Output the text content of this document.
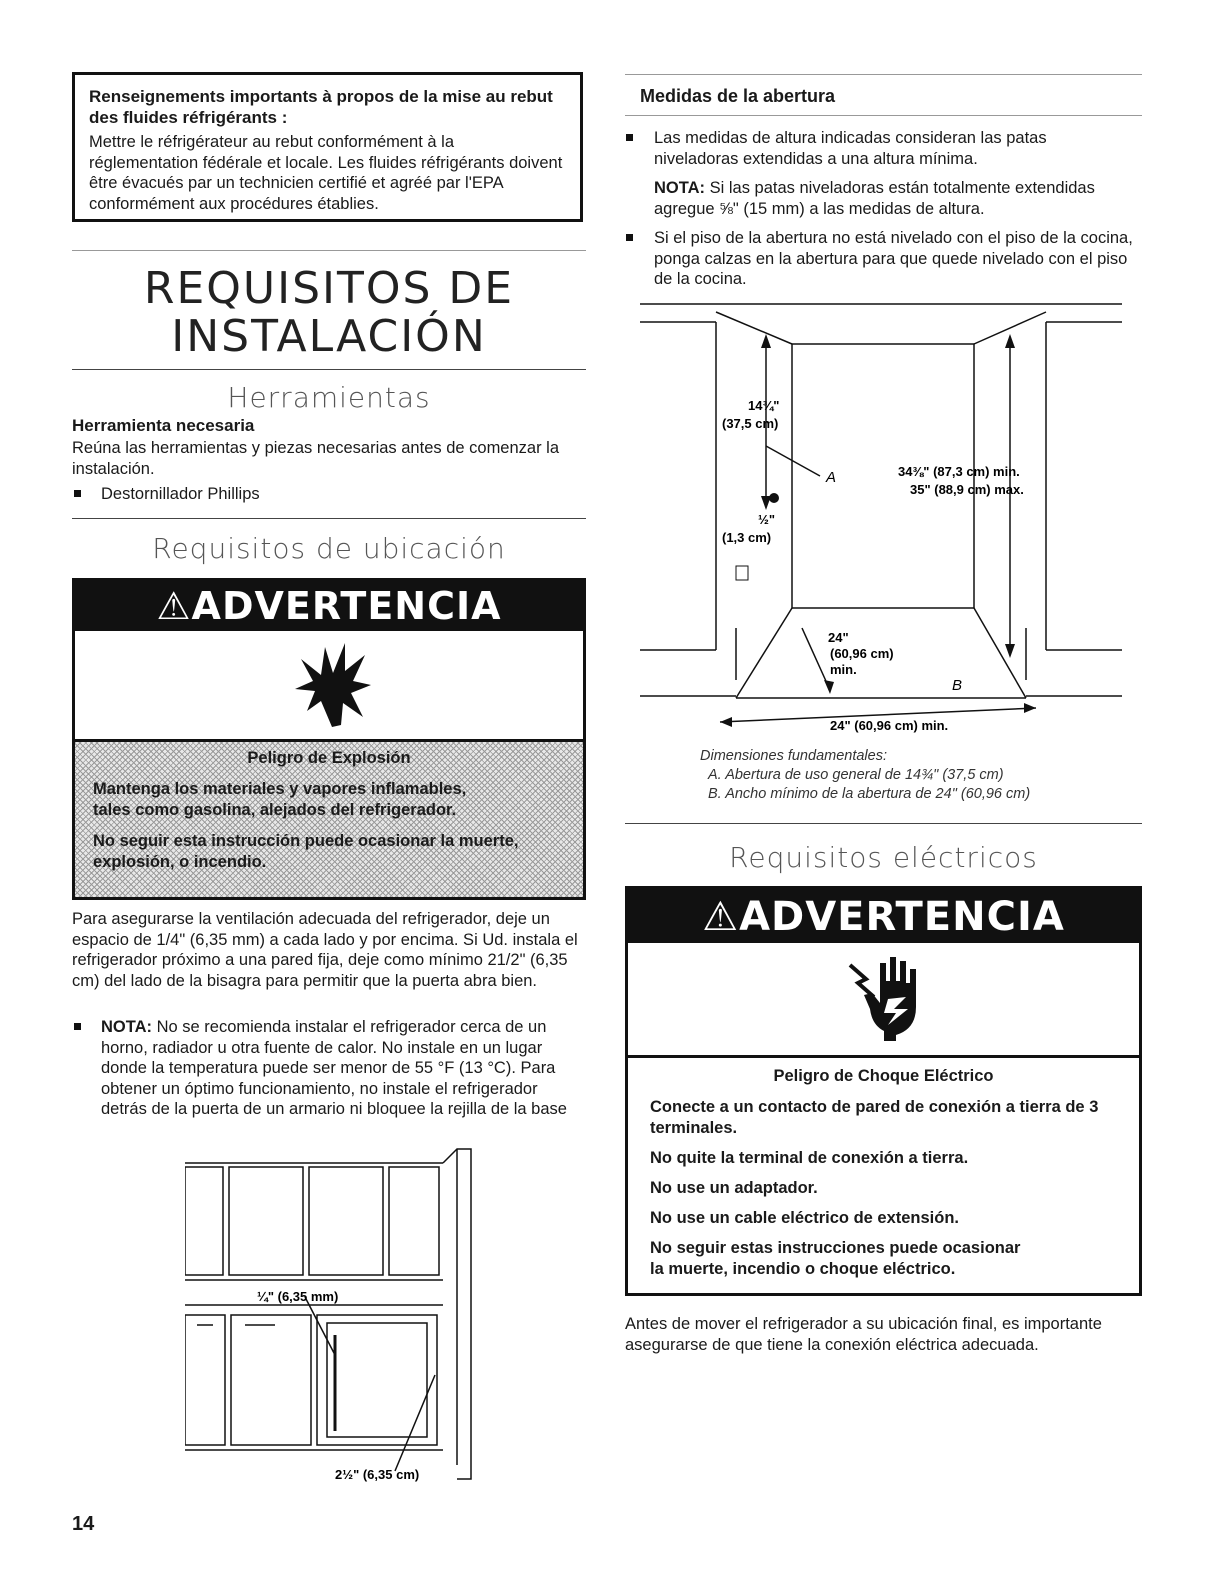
Renseignements importants à propos de la mise au rebut des fluides réfrigérants :

Mettre le réfrigérateur au rebut conformément à la réglementation fédérale et locale. Les fluides réfrigérants doivent être évacués par un technicien certifié et agréé par l'EPA conformément aux procédures établies.

REQUISITOS DE
INSTALACIÓN
Herramientas
Herramienta necesaria
Reúna las herramientas y piezas necesarias antes de comenzar la instalación.
Destornillador Phillips
Requisitos de ubicación
⚠ADVERTENCIA
Peligro de Explosión
Mantenga los materiales y vapores inflamables,
tales como gasolina, alejados del refrigerador.
No seguir esta instrucción puede ocasionar la muerte,
explosión, o incendio.
Para asegurarse la ventilación adecuada del refrigerador, deje un espacio de 1/4" (6,35 mm) a cada lado y por encima. Si Ud. instala el refrigerador próximo a una pared fija, deje como mínimo 21/2" (6,35 cm) del lado de la bisagra para permitir que la puerta abra bien.
NOTA: No se recomienda instalar el refrigerador cerca de un horno, radiador u otra fuente de calor. No instale en un lugar donde la temperatura puede ser menor de 55 °F (13 °C). Para obtener un óptimo funcionamiento, no instale el refrigerador detrás de la puerta de un armario ni bloquee la rejilla de la base
¼" (6,35 mm)
2½" (6,35 cm)
14
Medidas de la abertura
Las medidas de altura indicadas consideran las patas niveladoras extendidas a una altura mínima.
NOTA: Si las patas niveladoras están totalmente extendidas agregue ⅝" (15 mm) a las medidas de altura.
Si el piso de la abertura no está nivelado con el piso de la cocina, ponga calzas en la abertura para que quede nivelado con el piso de la cocina.
14¾"
(37,5 cm)
A	34⅜" (87,3 cm) min.
35" (88,9 cm) max.
½"
(1,3 cm)
24"
(60,96 cm)
min.
B
24" (60,96 cm) min.
Dimensiones fundamentales:
A. Abertura de uso general de 14¾" (37,5 cm)
B. Ancho mínimo de la abertura de 24" (60,96 cm)
Requisitos eléctricos
⚠ADVERTENCIA
Peligro de Choque Eléctrico
Conecte a un contacto de pared de conexión a tierra de 3 terminales.
No quite la terminal de conexión a tierra.
No use un adaptador.
No use un cable eléctrico de extensión.
No seguir estas instrucciones puede ocasionar
la muerte, incendio o choque eléctrico.
Antes de mover el refrigerador a su ubicación final, es importante asegurarse de que tiene la conexión eléctrica adecuada.
